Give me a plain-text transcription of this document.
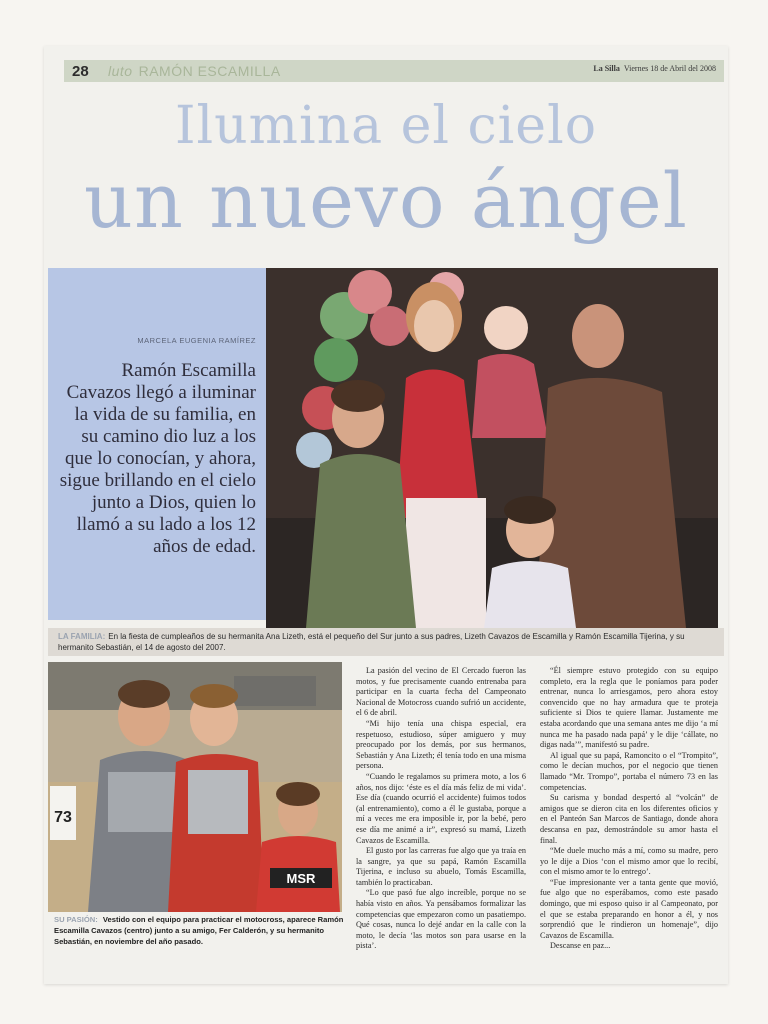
28	luto RAMÓN ESCAMILLA	La Silla Viernes 18 de Abril del 2008
Ilumina el cielo
un nuevo ángel
MARCELA EUGENIA RAMÍREZ
Ramón Escamilla Cavazos llegó a iluminar la vida de su familia, en su camino dio luz a los que lo conocían, y ahora, sigue brillando en el cielo junto a Dios, quien lo llamó a su lado a los 12 años de edad.
LA FAMILIA: En la fiesta de cumpleaños de su hermanita Ana Lizeth, está el pequeño del Sur junto a sus padres, Lizeth Cavazos de Escamilla y Ramón Escamilla Tijerina, y su hermanito Sebastián, el 14 de agosto del 2007.
MSR
73
SU PASIÓN: Vestido con el equipo para practicar el motocross, aparece Ramón Escamilla Cavazos (centro) junto a su amigo, Fer Calderón, y su hermanito Sebastián, en noviembre del año pasado.

La pasión del vecino de El Cercado fueron las motos, y fue precisamente cuando entrenaba para participar en la cuarta fecha del Campeonato Nacional de Motocross cuando sufrió un accidente, el 6 de abril.

“Mi hijo tenía una chispa especial, era respetuoso, estudioso, súper amiguero y muy preocupado por los demás, por sus hermanos, Sebastián y Ana Lizeth; él tenía todo en una misma persona.

“Cuando le regalamos su primera moto, a los 6 años, nos dijo: ‘éste es el día más feliz de mi vida’. Ese día (cuando ocurrió el accidente) fuimos todos (al entrenamiento), como a él le gustaba, porque a mí a veces me era imposible ir, por la bebé, pero ese día me animé a ir”, expresó su mamá, Lizeth Cavazos de Escamilla.

El gusto por las carreras fue algo que ya traía en la sangre, ya que su papá, Ramón Escamilla Tijerina, e incluso su abuelo, Tomás Escamilla, también lo practicaban.

“Lo que pasó fue algo increíble, porque no se había visto en años. Ya pensábamos formalizar las competencias que empezaron como un pasatiempo. Qué cosas, nunca lo dejé andar en la calle con la moto, le decía ‘las motos son para usarse en la pista’.

“Él siempre estuvo protegido con su equipo completo, era la regla que le poníamos para poder entrenar, nunca lo arriesgamos, pero ahora estoy convencido que no hay armadura que te proteja suficiente si Dios te quiere llamar. Justamente me estaba acordando que una semana antes me dijo ‘a mí nunca me ha pasado nada papá’ y le dije ‘cállate, no digas nada’”, manifestó su padre.

Al igual que su papá, Ramoncito o el “Trompito”, como le decían muchos, por el negocio que tienen llamado “Mr. Trompo”, portaba el número 73 en las competencias.

Su carisma y bondad despertó al “volcán” de amigos que se dieron cita en los diferentes oficios y en el Panteón San Marcos de Santiago, donde ahora descansa en paz, demostrándole su amor hasta el final.

“Me duele mucho más a mí, como su madre, pero yo le dije a Dios ‘con el mismo amor que lo recibí, con el mismo amor te lo entrego’.

“Fue impresionante ver a tanta gente que movió, fue algo que no esperábamos, como este pasado domingo, que mi esposo quiso ir al Campeonato, por el que se estaba preparando en honor a él, y nos sorprendió que le rindieron un homenaje”, dijo Cavazos de Escamilla.

Descanse en paz...
